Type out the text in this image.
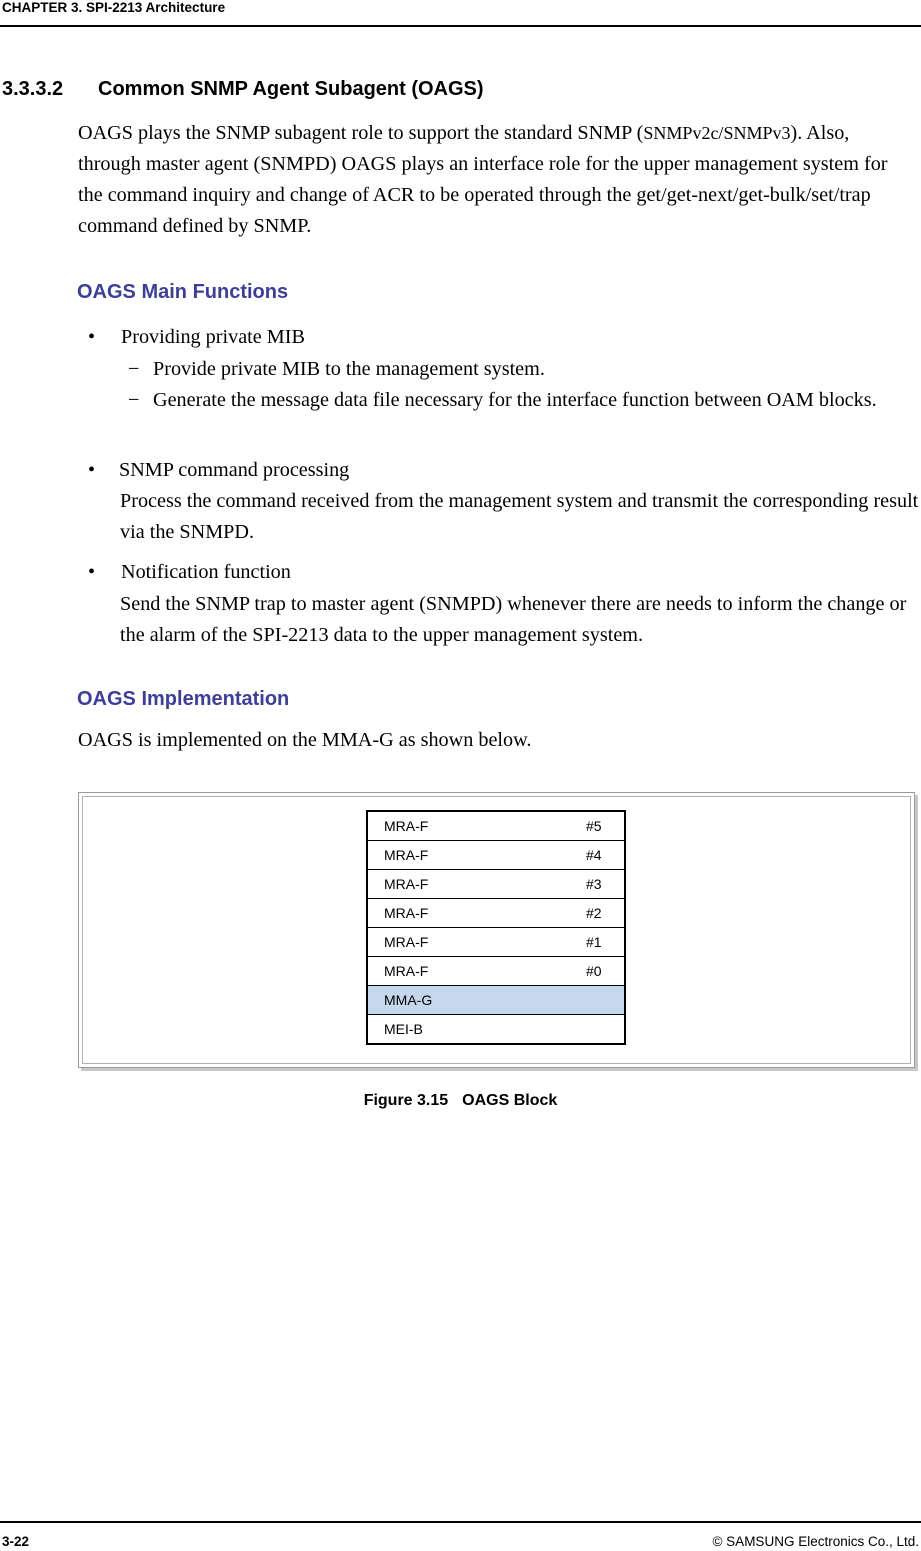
CHAPTER 3. SPI-2213 Architecture
3.3.3.2 Common SNMP Agent Subagent (OAGS)

OAGS plays the SNMP subagent role to support the standard SNMP (SNMPv2c/SNMPv3). Also, through master agent (SNMPD) OAGS plays an interface role for the upper management system for the command inquiry and change of ACR to be operated through the get/get-next/get-bulk/set/trap command defined by SNMP.

OAGS Main Functions
• Providing private MIB
− Provide private MIB to the management system.
− Generate the message data file necessary for the interface function between OAM blocks.
• SNMP command processing

Process the command received from the management system and transmit the corresponding result via the SNMPD.

• Notification function

Send the SNMP trap to master agent (SNMPD) whenever there are needs to inform the change or the alarm of the SPI-2213 data to the upper management system.

OAGS Implementation

OAGS is implemented on the MMA-G as shown below.

MRA-F	#5
MRA-F	#4
MRA-F	#3
MRA-F	#2
MRA-F	#1
MRA-F	#0
MMA-G
MEI-B

Figure 3.15 OAGS Block

3-22	© SAMSUNG Electronics Co., Ltd.
